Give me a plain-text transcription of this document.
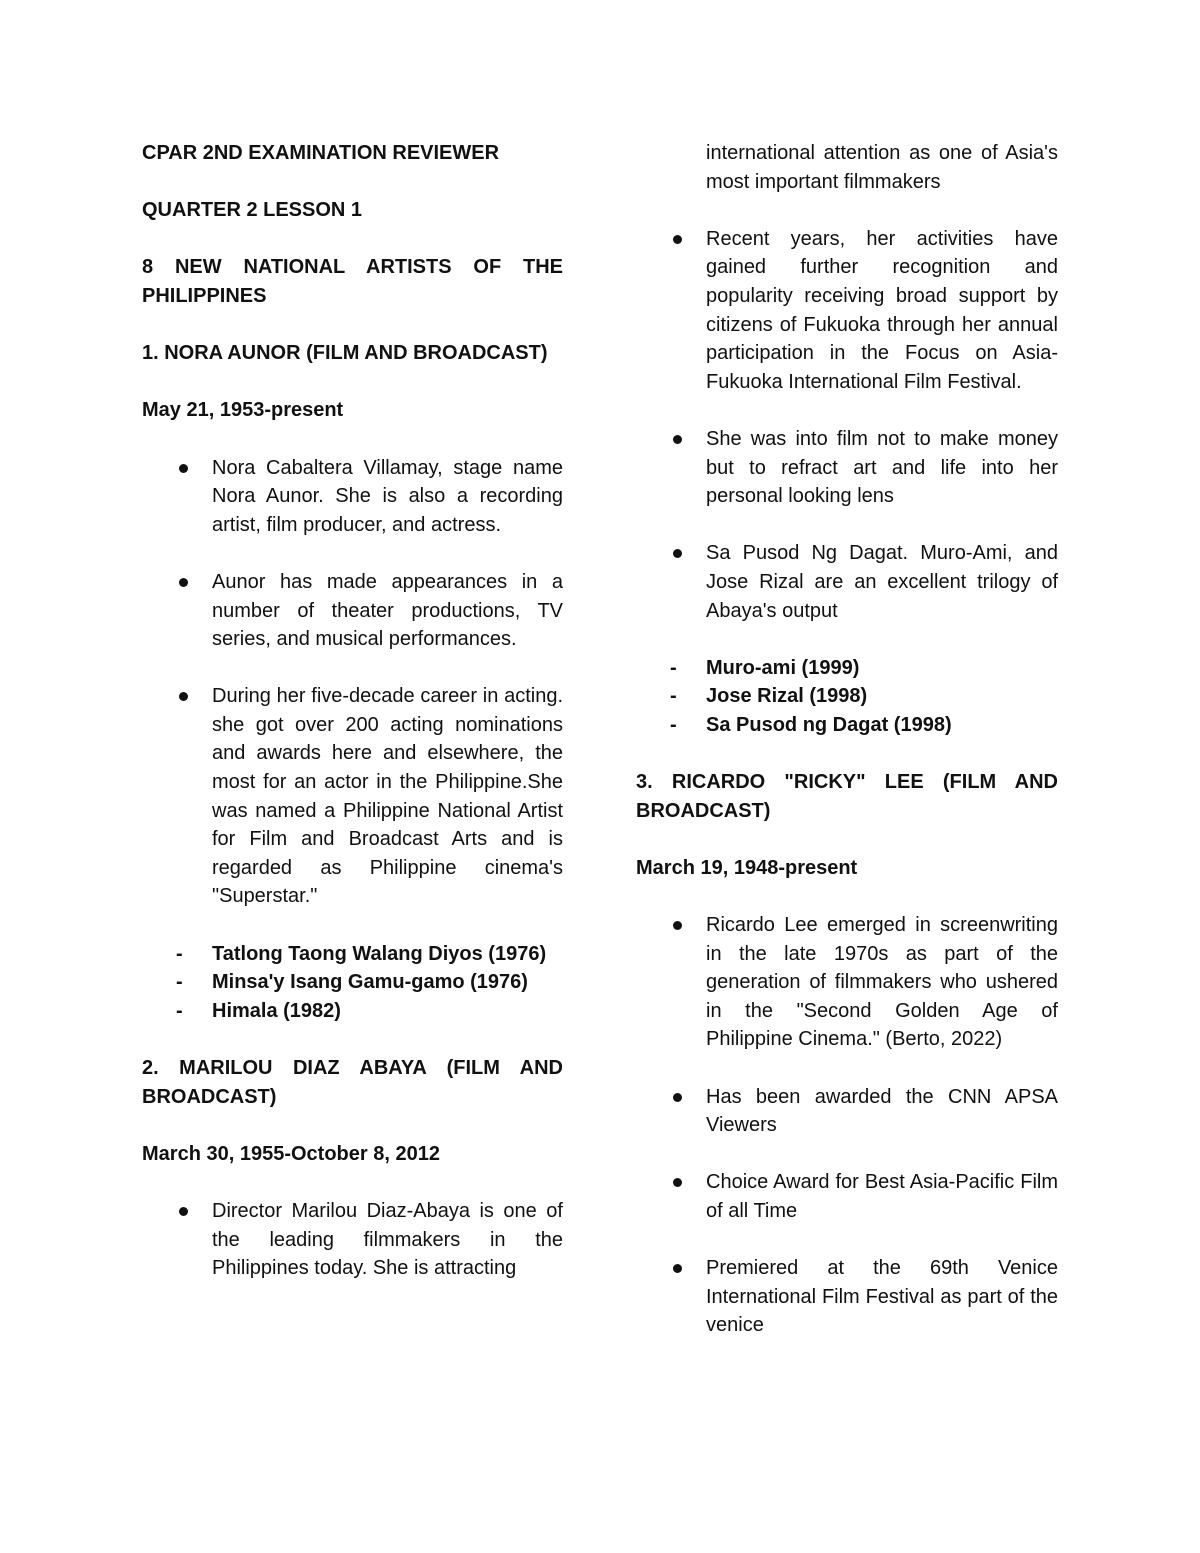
CPAR 2ND EXAMINATION REVIEWER

QUARTER 2 LESSON 1

8 NEW NATIONAL ARTISTS OF THE PHILIPPINES

1. NORA AUNOR (FILM AND BROADCAST)

May 21, 1953-present

Nora Cabaltera Villamay, stage name Nora Aunor. She is also a recording artist, film producer, and actress.
Aunor has made appearances in a number of theater productions, TV series, and musical performances.
During her five-decade career in acting. she got over 200 acting nominations and awards here and elsewhere, the most for an actor in the Philippine.She was named a Philippine National Artist for Film and Broadcast Arts and is regarded as Philippine cinema's "Superstar."
- Tatlong Taong Walang Diyos (1976)
- Minsa'y Isang Gamu-gamo (1976)
- Himala (1982)

2. MARILOU DIAZ ABAYA (FILM AND BROADCAST)

March 30, 1955-October 8, 2012

Director Marilou Diaz-Abaya is one of the leading filmmakers in the Philippines today. She is attracting

international attention as one of Asia's most important filmmakers

Recent years, her activities have gained further recognition and popularity receiving broad support by citizens of Fukuoka through her annual participation in the Focus on Asia- Fukuoka International Film Festival.
She was into film not to make money but to refract art and life into her personal looking lens
Sa Pusod Ng Dagat. Muro-Ami, and Jose Rizal are an excellent trilogy of Abaya's output
- Muro-ami (1999)
- Jose Rizal (1998)
- Sa Pusod ng Dagat (1998)

3. RICARDO "RICKY" LEE (FILM AND BROADCAST)

March 19, 1948-present

Ricardo Lee emerged in screenwriting in the late 1970s as part of the generation of filmmakers who ushered in the "Second Golden Age of Philippine Cinema." (Berto, 2022)
Has been awarded the CNN APSA Viewers
Choice Award for Best Asia-Pacific Film of all Time
Premiered at the 69th Venice International Film Festival as part of the venice
